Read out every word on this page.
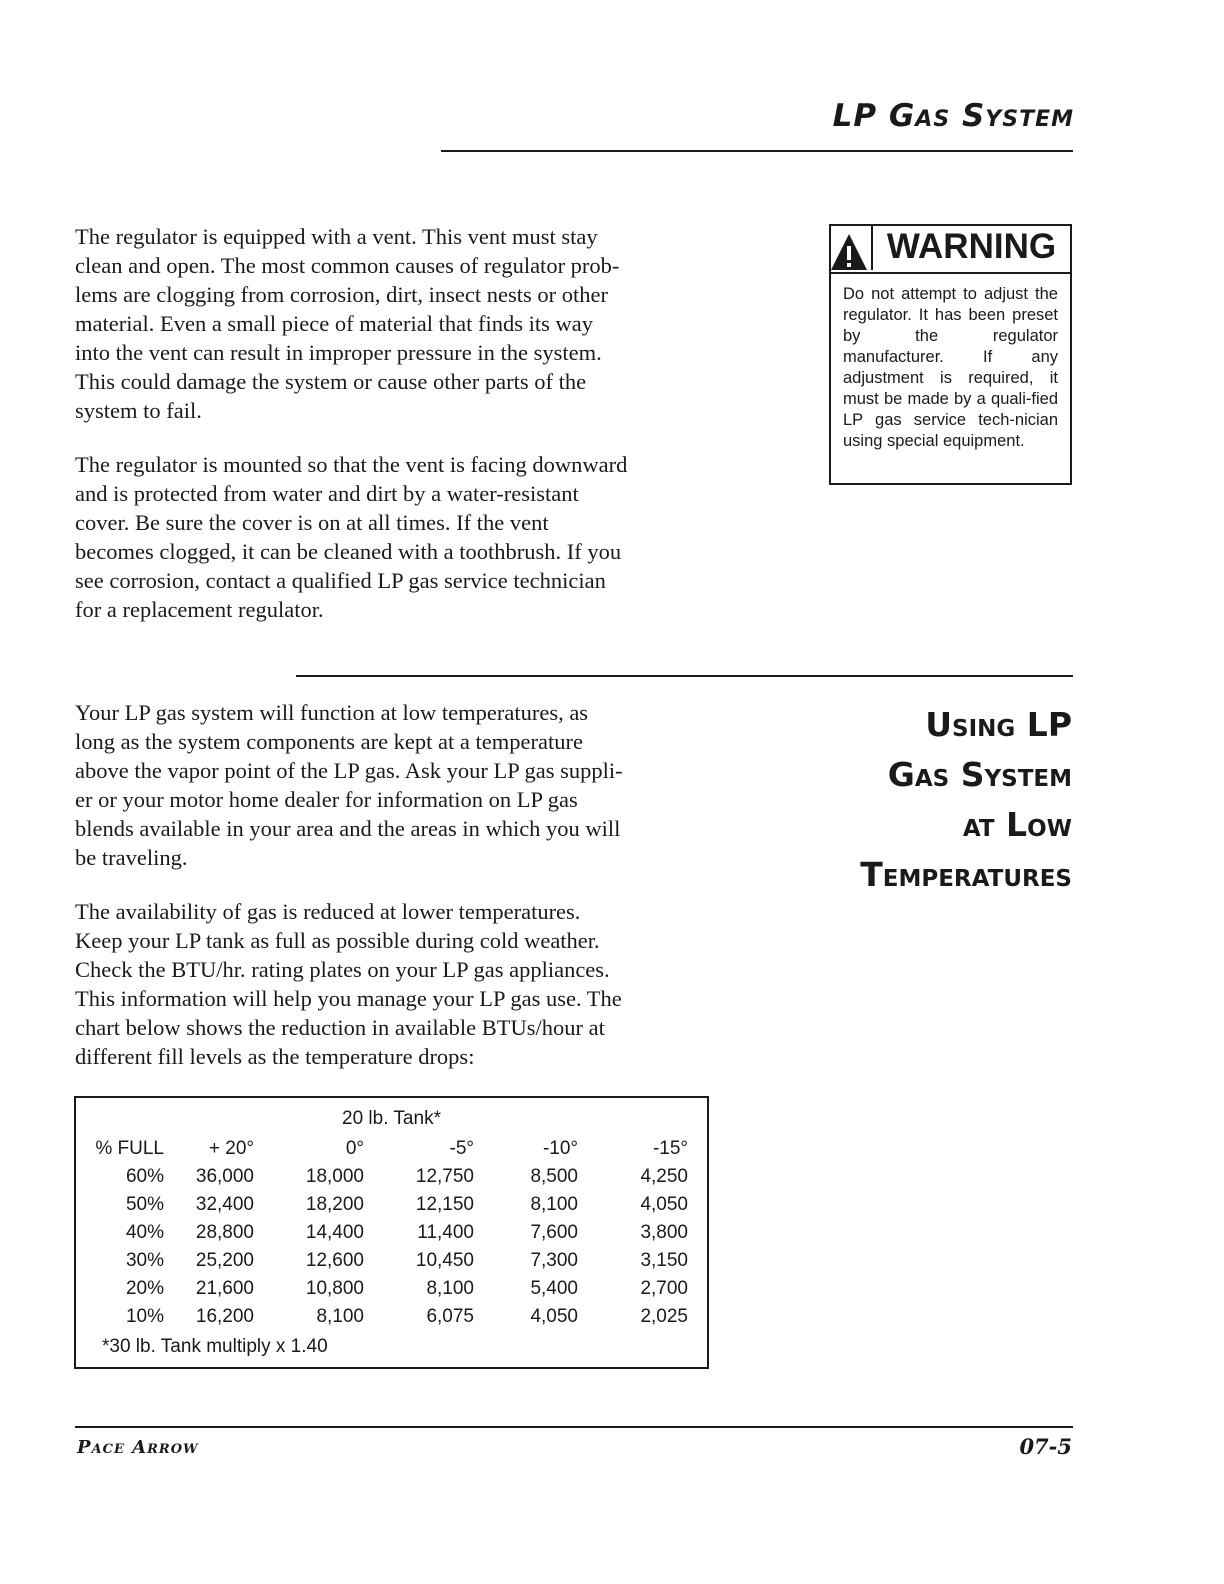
LP Gas System
The regulator is equipped with a vent. This vent must stay
clean and open. The most common causes of regulator prob-
lems are clogging from corrosion, dirt, insect nests or other
material. Even a small piece of material that finds its way
into the vent can result in improper pressure in the system.
This could damage the system or cause other parts of the
system to fail.
The regulator is mounted so that the vent is facing downward
and is protected from water and dirt by a water-resistant
cover. Be sure the cover is on at all times. If the vent
becomes clogged, it can be cleaned with a toothbrush. If you
see corrosion, contact a qualified LP gas service technician
for a replacement regulator.
WARNING
Do not attempt to adjust the regulator. It has been preset by the regulator manufacturer. If any adjustment is required, it must be made by a quali-fied LP gas service tech-nician using special equipment.
Using LP
Gas System
at Low
Temperatures
Your LP gas system will function at low temperatures, as
long as the system components are kept at a temperature
above the vapor point of the LP gas. Ask your LP gas suppli-
er or your motor home dealer for information on LP gas
blends available in your area and the areas in which you will
be traveling.
The availability of gas is reduced at lower temperatures.
Keep your LP tank as full as possible during cold weather.
Check the BTU/hr. rating plates on your LP gas appliances.
This information will help you manage your LP gas use. The
chart below shows the reduction in available BTUs/hour at
different fill levels as the temperature drops:
20 lb. Tank*
% FULL	+ 20°	0°	-5°	-10°	-15°
60%	36,000	18,000	12,750	8,500	4,250
50%	32,400	18,200	12,150	8,100	4,050
40%	28,800	14,400	11,400	7,600	3,800
30%	25,200	12,600	10,450	7,300	3,150
20%	21,600	10,800	8,100	5,400	2,700
10%	16,200	8,100	6,075	4,050	2,025
*30 lb. Tank multiply x 1.40
Pace Arrow	07-5
